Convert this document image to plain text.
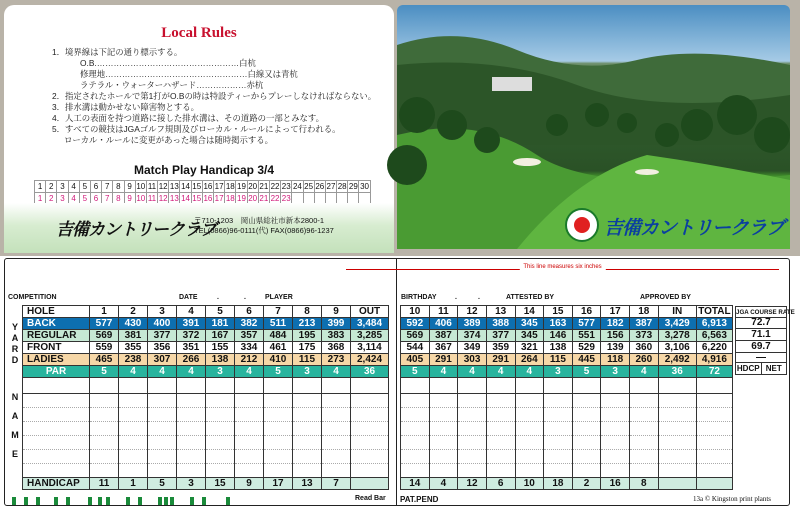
Local Rules
1．境界線は下記の通り標示する。
O.B.……………………………………………白杭
修理地……………………………………………白線又は青杭
ラテラル・ウォーターハザード………………赤杭
2．指定されたホールで第1打がO.Bの時は特設ティーからプレーしなければならない。
3．排水溝は動かせない障害物とする。
4．人工の表面を持つ道路に接した排水溝は、その道路の一部とみなす。
5．すべての競技はJGAゴルフ規則及びローカル・ルールによって行われる。
ローカル・ルールに変更があった場合は随時掲示する。
Match Play Handicap 3/4
1	2	3	4	5	6	7	8	9	10	11	12	13	14	15	16	17	18	19	20	21	22	23	24	25	26	27	28	29	30
1	2	3	4	5	6	7	8	9	10	11	12	13	14	15	16	17	18	19	20	21	22	23							
吉備カントリークラブ
〒710-1203　岡山県総社市新本2800-1
TEL(0866)96-0111(代) FAX(0866)96-1237	吉備カントリークラブ
This line measures six inches
COMPETITION	DATE	.	.	PLAYER	BIRTHDAY	.	.	ATTESTED BY	APPROVED BY
Y
A
R
D
N
A
M
E
HOLE	1	2	3	4	5	6	7	8	9	OUT
BACK	577	430	400	391	181	382	511	213	399	3,484
REGULAR	569	381	377	372	167	357	484	195	383	3,285
FRONT	559	355	356	351	155	334	461	175	368	3,114
LADIES	465	238	307	266	138	212	410	115	273	2,424
PAR	5	4	4	4	3	4	5	3	4	36

HANDICAP	11	1	5	3	15	9	17	13	7	
10	11	12	13	14	15	16	17	18	IN	TOTAL
592	406	389	388	345	163	577	182	387	3,429	6,913
569	387	374	377	345	146	551	156	373	3,278	6,563
544	367	349	359	321	138	529	139	360	3,106	6,220
405	291	303	291	264	115	445	118	260	2,492	4,916
5	4	4	4	4	3	5	3	4	36	72

14	4	12	6	10	18	2	16	8		
JGA COURSE RATE
72.7
71.1
69.7
—
HDCP NET
Read Bar PAT.PEND	13a © Kingston print plants
